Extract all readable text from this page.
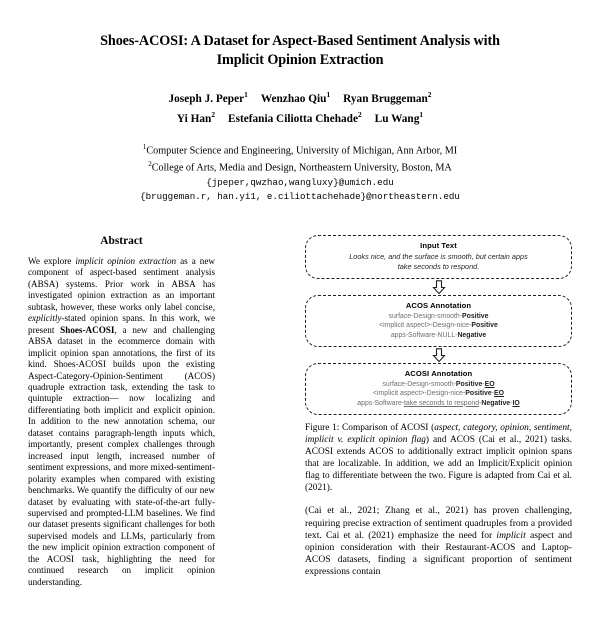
Shoes-ACOSI: A Dataset for Aspect-Based Sentiment Analysis with
Implicit Opinion Extraction
Joseph J. Peper$^1$ Wenzhao Qiu$^1$ Ryan Bruggeman$^2$
Yi Han$^2$ Estefania Ciliotta Chehade$^2$ Lu Wang$^1$
$^1$Computer Science and Engineering, University of Michigan, Ann Arbor, MI
$^2$College of Arts, Media and Design, Northeastern University, Boston, MA
{jpeper,qwzhao,wangluxy}@umich.edu
{bruggeman.r, han.yi1, e.ciliottachehade}@northeastern.edu
Abstract
We explore implicit opinion extraction as a new component of aspect-based sentiment analysis (ABSA) systems. Prior work in ABSA has investigated opinion extraction as an important subtask, however, these works only label concise, explicitly-stated opinion spans. In this work, we present Shoes-ACOSI, a new and challenging ABSA dataset in the ecommerce domain with implicit opinion span annotations, the first of its kind. Shoes-ACOSI builds upon the existing Aspect-Category-Opinion-Sentiment (ACOS) quadruple extraction task, extending the task to quintuple extraction— now localizing and differentiating both implicit and explicit opinion. In addition to the new annotation schema, our dataset contains paragraph-length inputs which, importantly, present complex challenges through increased input length, increased number of sentiment expressions, and more mixed-sentiment-polarity examples when compared with existing benchmarks. We quantify the difficulty of our new dataset by evaluating with state-of-the-art fully-supervised and prompted-LLM baselines. We find our dataset presents significant challenges for both supervised models and LLMs, particularly from the new implicit opinion extraction component of the ACOSI task, highlighting the need for continued research on implicit opinion understanding.
Input Text
Looks nice, and the surface is smooth, but certain apps
take seconds to respond.
ACOS Annotation
surface-Design-smooth-Positive
<implicit aspect>-Design-nice-Positive
apps-Software-NULL-Negative
ACOSI Annotation
surface-Design-smooth-Positive-EO
<implicit aspect>-Design-nice-Positive-EO
apps-Software-take seconds to respond-Negative-IO
Figure 1: Comparison of ACOSI (aspect, category, opinion, sentiment, implicit v. explicit opinion flag) and ACOS (Cai et al., 2021) tasks. ACOSI extends ACOS to additionally extract implicit opinion spans that are localizable. In addition, we add an Implicit/Explicit opinion flag to differentiate between the two. Figure is adapted from Cai et al. (2021).
(Cai et al., 2021; Zhang et al., 2021) has proven challenging, requiring precise extraction of sentiment quadruples from a provided text. Cai et al. (2021) emphasize the need for implicit aspect and opinion consideration with their Restaurant-ACOS and Laptop-ACOS datasets, finding a significant proportion of sentiment expressions contain
